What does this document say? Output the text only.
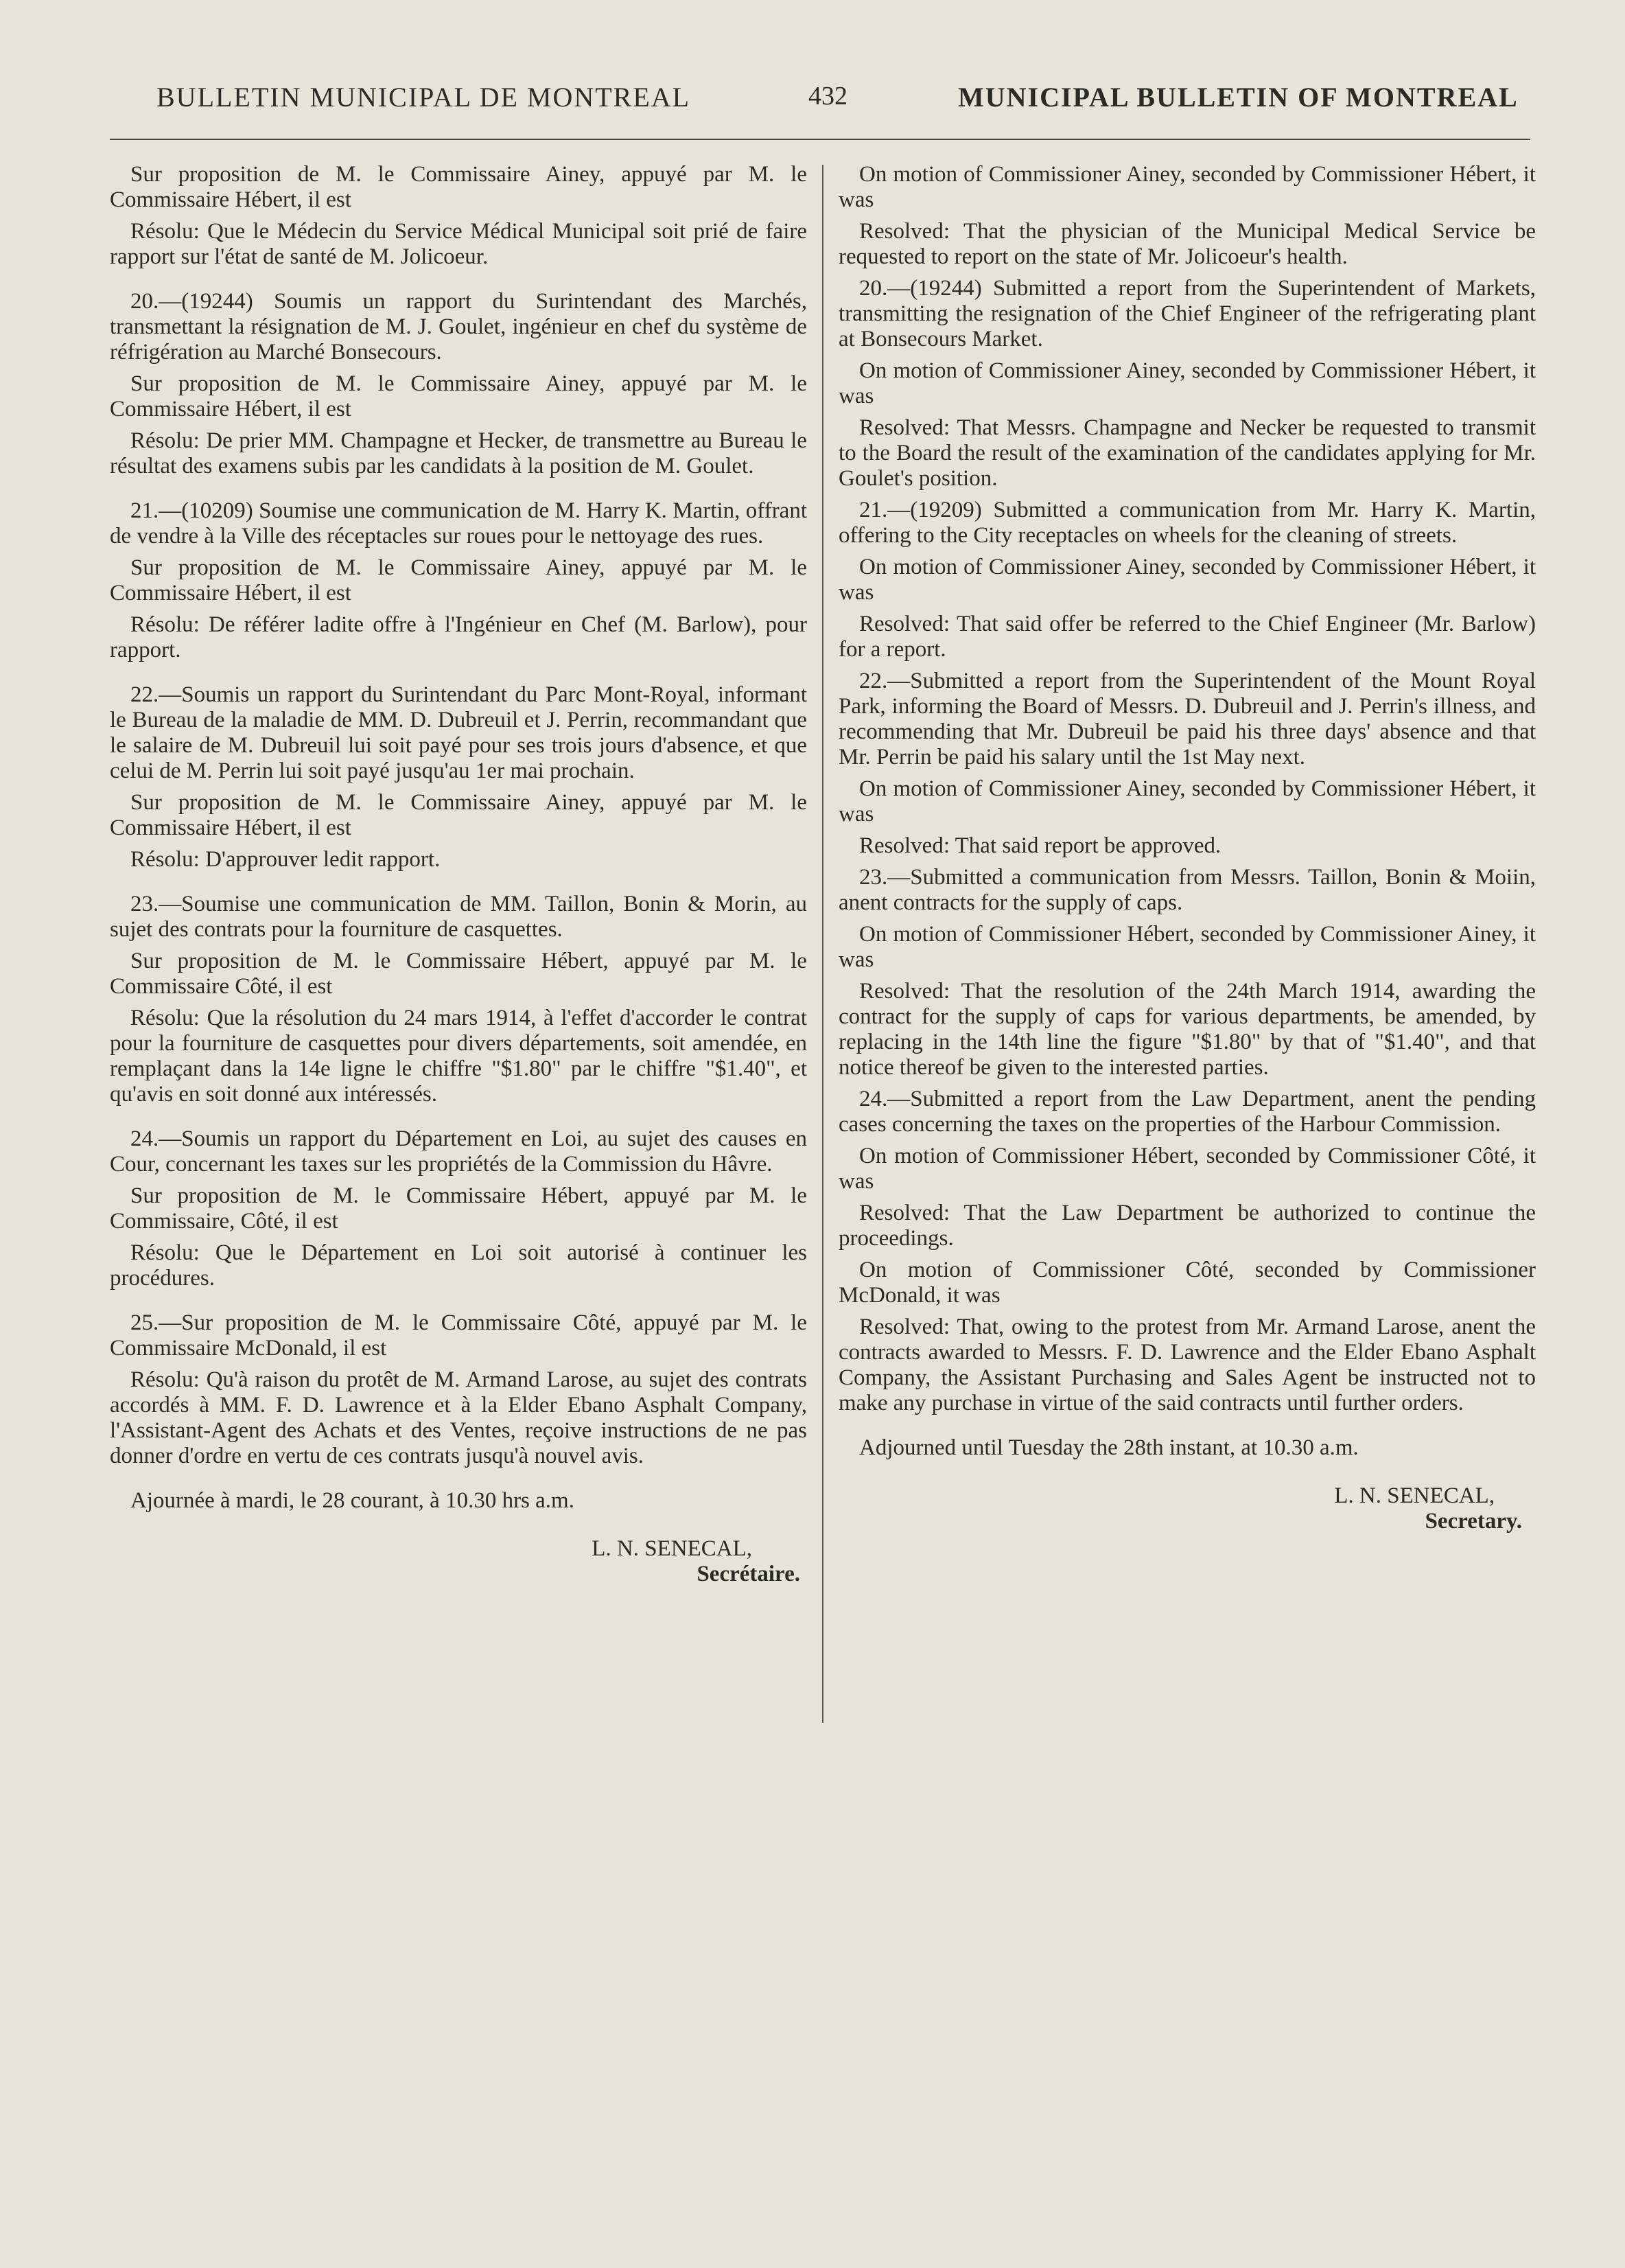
BULLETIN MUNICIPAL DE MONTREAL	432	MUNICIPAL BULLETIN OF MONTREAL

Sur proposition de M. le Commissaire Ainey, appuyé par M. le Commissaire Hébert, il est

Résolu: Que le Médecin du Service Médical Municipal soit prié de faire rapport sur l'état de santé de M. Jolicoeur.

20.—(19244) Soumis un rapport du Surintendant des Marchés, transmettant la résignation de M. J. Goulet, ingénieur en chef du système de réfrigération au Marché Bonsecours.

Sur proposition de M. le Commissaire Ainey, appuyé par M. le Commissaire Hébert, il est

Résolu: De prier MM. Champagne et Hecker, de transmettre au Bureau le résultat des examens subis par les candidats à la position de M. Goulet.

21.—(10209) Soumise une communication de M. Harry K. Martin, offrant de vendre à la Ville des réceptacles sur roues pour le nettoyage des rues.

Sur proposition de M. le Commissaire Ainey, appuyé par M. le Commissaire Hébert, il est

Résolu: De référer ladite offre à l'Ingénieur en Chef (M. Barlow), pour rapport.

22.—Soumis un rapport du Surintendant du Parc Mont-Royal, informant le Bureau de la maladie de MM. D. Dubreuil et J. Perrin, recommandant que le salaire de M. Dubreuil lui soit payé pour ses trois jours d'absence, et que celui de M. Perrin lui soit payé jusqu'au 1er mai prochain.

Sur proposition de M. le Commissaire Ainey, appuyé par M. le Commissaire Hébert, il est

Résolu: D'approuver ledit rapport.

23.—Soumise une communication de MM. Taillon, Bonin & Morin, au sujet des contrats pour la fourniture de casquettes.

Sur proposition de M. le Commissaire Hébert, appuyé par M. le Commissaire Côté, il est

Résolu: Que la résolution du 24 mars 1914, à l'effet d'accorder le contrat pour la fourniture de casquettes pour divers départements, soit amendée, en remplaçant dans la 14e ligne le chiffre "$1.80" par le chiffre "$1.40", et qu'avis en soit donné aux intéressés.

24.—Soumis un rapport du Département en Loi, au sujet des causes en Cour, concernant les taxes sur les propriétés de la Commission du Hâvre.

Sur proposition de M. le Commissaire Hébert, appuyé par M. le Commissaire, Côté, il est

Résolu: Que le Département en Loi soit autorisé à continuer les procédures.

25.—Sur proposition de M. le Commissaire Côté, appuyé par M. le Commissaire McDonald, il est

Résolu: Qu'à raison du protêt de M. Armand Larose, au sujet des contrats accordés à MM. F. D. Lawrence et à la Elder Ebano Asphalt Company, l'Assistant-Agent des Achats et des Ventes, reçoive instructions de ne pas donner d'ordre en vertu de ces contrats jusqu'à nouvel avis.

Ajournée à mardi, le 28 courant, à 10.30 hrs a.m.

L. N. SENECAL,
Secrétaire.

On motion of Commissioner Ainey, seconded by Commissioner Hébert, it was

Resolved: That the physician of the Municipal Medical Service be requested to report on the state of Mr. Jolicoeur's health.

20.—(19244) Submitted a report from the Superintendent of Markets, transmitting the resignation of the Chief Engineer of the refrigerating plant at Bonsecours Market.

On motion of Commissioner Ainey, seconded by Commissioner Hébert, it was

Resolved: That Messrs. Champagne and Necker be requested to transmit to the Board the result of the examination of the candidates applying for Mr. Goulet's position.

21.—(19209) Submitted a communication from Mr. Harry K. Martin, offering to the City receptacles on wheels for the cleaning of streets.

On motion of Commissioner Ainey, seconded by Commissioner Hébert, it was

Resolved: That said offer be referred to the Chief Engineer (Mr. Barlow) for a report.

22.—Submitted a report from the Superintendent of the Mount Royal Park, informing the Board of Messrs. D. Dubreuil and J. Perrin's illness, and recommending that Mr. Dubreuil be paid his three days' absence and that Mr. Perrin be paid his salary until the 1st May next.

On motion of Commissioner Ainey, seconded by Commissioner Hébert, it was

Resolved: That said report be approved.

23.—Submitted a communication from Messrs. Taillon, Bonin & Moiin, anent contracts for the supply of caps.

On motion of Commissioner Hébert, seconded by Commissioner Ainey, it was

Resolved: That the resolution of the 24th March 1914, awarding the contract for the supply of caps for various departments, be amended, by replacing in the 14th line the figure "$1.80" by that of "$1.40", and that notice thereof be given to the interested parties.

24.—Submitted a report from the Law Department, anent the pending cases concerning the taxes on the properties of the Harbour Commission.

On motion of Commissioner Hébert, seconded by Commissioner Côté, it was

Resolved: That the Law Department be authorized to continue the proceedings.

On motion of Commissioner Côté, seconded by Commissioner McDonald, it was

Resolved: That, owing to the protest from Mr. Armand Larose, anent the contracts awarded to Messrs. F. D. Lawrence and the Elder Ebano Asphalt Company, the Assistant Purchasing and Sales Agent be instructed not to make any purchase in virtue of the said contracts until further orders.

Adjourned until Tuesday the 28th instant, at 10.30 a.m.

L. N. SENECAL,
Secretary.
